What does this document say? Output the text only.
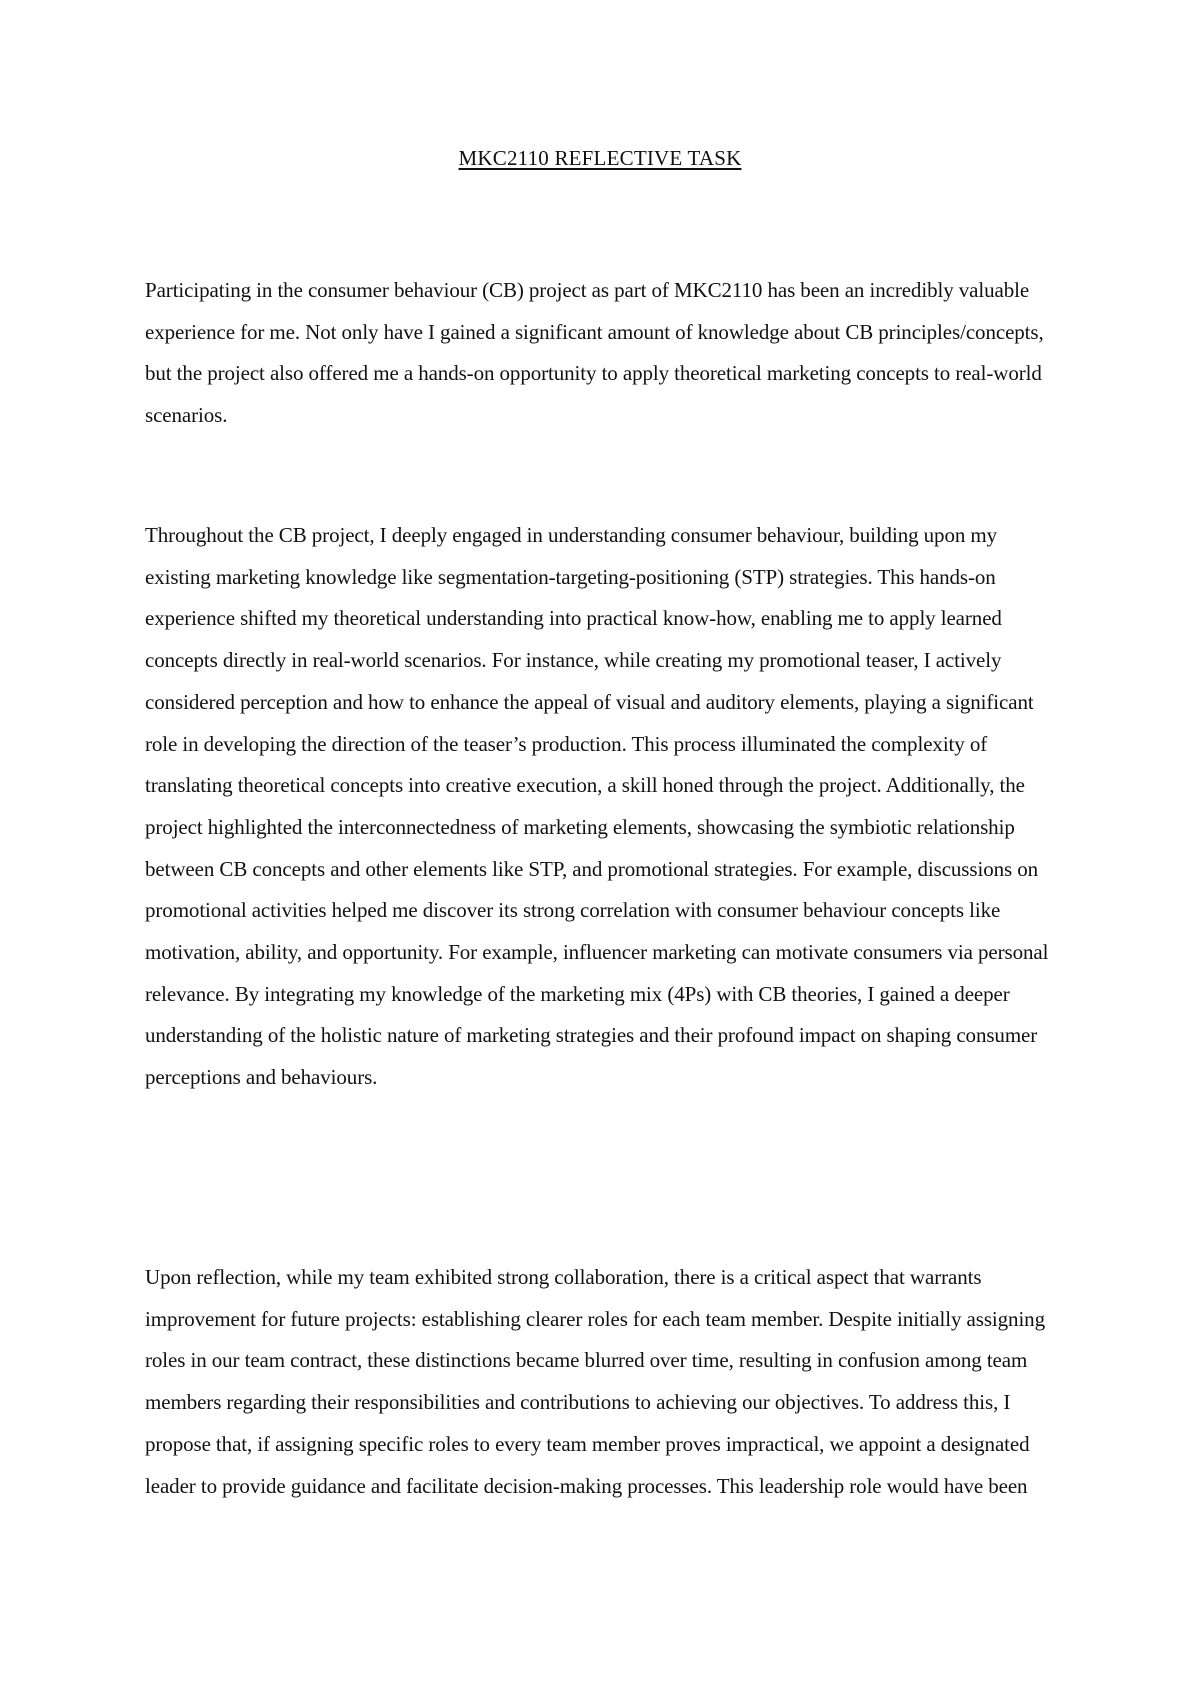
MKC2110 REFLECTIVE TASK

Participating in the consumer behaviour (CB) project as part of MKC2110 has been an incredibly valuable experience for me. Not only have I gained a significant amount of knowledge about CB principles/concepts, but the project also offered me a hands-on opportunity to apply theoretical marketing concepts to real-world scenarios.

Throughout the CB project, I deeply engaged in understanding consumer behaviour, building upon my existing marketing knowledge like segmentation-targeting-positioning (STP) strategies. This hands-on experience shifted my theoretical understanding into practical know-how, enabling me to apply learned concepts directly in real-world scenarios. For instance, while creating my promotional teaser, I actively considered perception and how to enhance the appeal of visual and auditory elements, playing a significant role in developing the direction of the teaser’s production. This process illuminated the complexity of translating theoretical concepts into creative execution, a skill honed through the project. Additionally, the project highlighted the interconnectedness of marketing elements, showcasing the symbiotic relationship between CB concepts and other elements like STP, and promotional strategies. For example, discussions on promotional activities helped me discover its strong correlation with consumer behaviour concepts like motivation, ability, and opportunity. For example, influencer marketing can motivate consumers via personal relevance. By integrating my knowledge of the marketing mix (4Ps) with CB theories, I gained a deeper understanding of the holistic nature of marketing strategies and their profound impact on shaping consumer perceptions and behaviours.

Upon reflection, while my team exhibited strong collaboration, there is a critical aspect that warrants improvement for future projects: establishing clearer roles for each team member. Despite initially assigning roles in our team contract, these distinctions became blurred over time, resulting in confusion among team members regarding their responsibilities and contributions to achieving our objectives. To address this, I propose that, if assigning specific roles to every team member proves impractical, we appoint a designated leader to provide guidance and facilitate decision-making processes. This leadership role would have been
